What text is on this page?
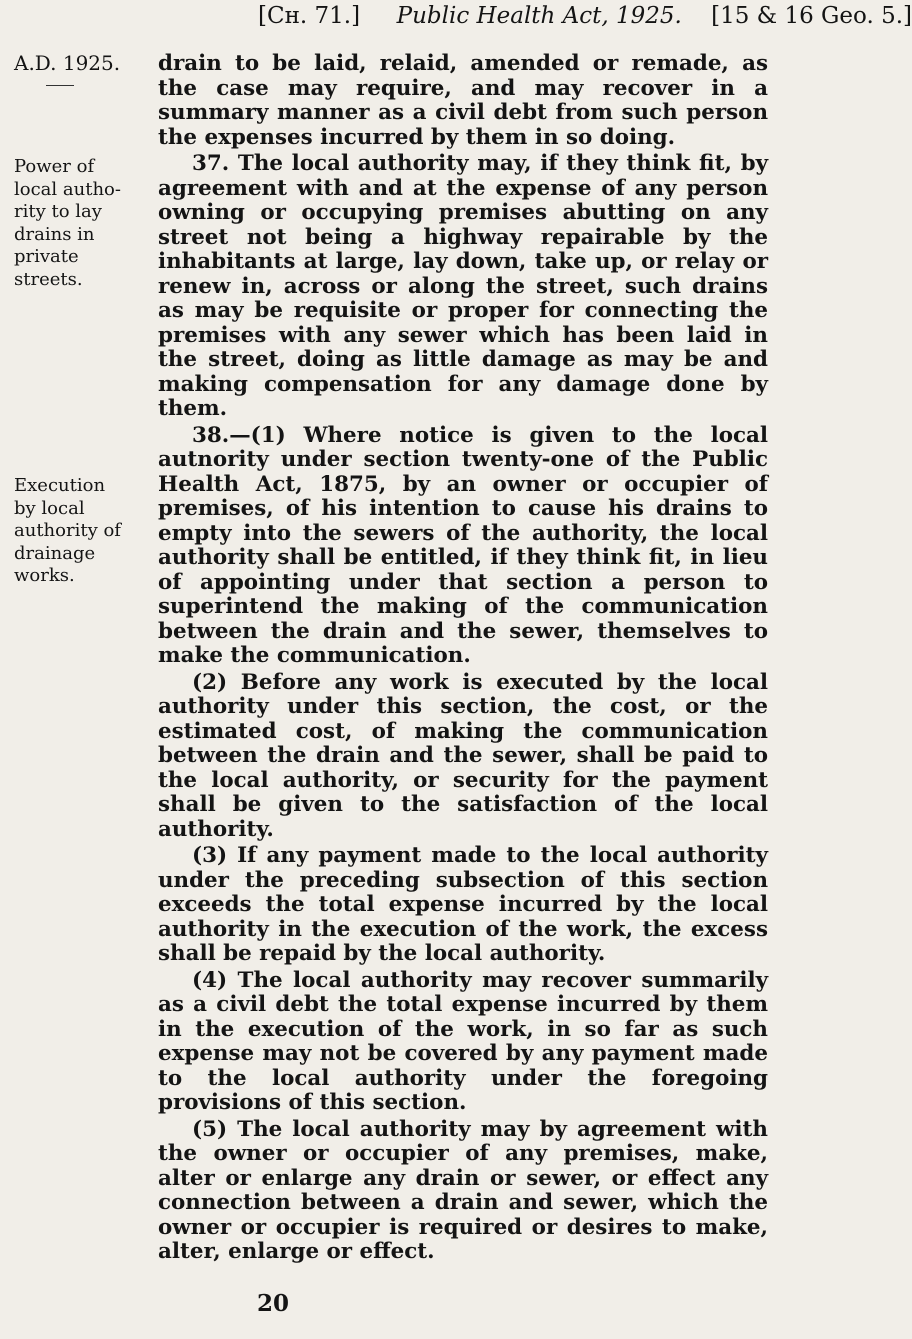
[Cн. 71.] Public Health Act, 1925. [15 & 16 Geo. 5.]
A.D. 1925.
Power of
local autho-
rity to lay
drains in
private
streets.
Execution
by local
authority of
drainage
works.

drain to be laid, relaid, amended or remade, as the case may require, and may recover in a summary manner as a civil debt from such person the expenses incurred by them in so doing.

37. The local authority may, if they think fit, by agreement with and at the expense of any person owning or occupying premises abutting on any street not being a highway repairable by the inhabitants at large, lay down, take up, or relay or renew in, across or along the street, such drains as may be requisite or proper for connecting the premises with any sewer which has been laid in the street, doing as little damage as may be and making compensation for any damage done by them.

38.—(1) Where notice is given to the local autnority under section twenty-one of the Public Health Act, 1875, by an owner or occupier of premises, of his intention to cause his drains to empty into the sewers of the authority, the local authority shall be entitled, if they think fit, in lieu of appointing under that section a person to superintend the making of the communication between the drain and the sewer, themselves to make the communication.

(2) Before any work is executed by the local authority under this section, the cost, or the estimated cost, of making the communication between the drain and the sewer, shall be paid to the local authority, or security for the payment shall be given to the satisfaction of the local authority.

(3) If any payment made to the local authority under the preceding subsection of this section exceeds the total expense incurred by the local authority in the execution of the work, the excess shall be repaid by the local authority.

(4) The local authority may recover summarily as a civil debt the total expense incurred by them in the execution of the work, in so far as such expense may not be covered by any payment made to the local authority under the foregoing provisions of this section.

(5) The local authority may by agreement with the owner or occupier of any premises, make, alter or enlarge any drain or sewer, or effect any connection between a drain and sewer, which the owner or occupier is required or desires to make, alter, enlarge or effect.

20
